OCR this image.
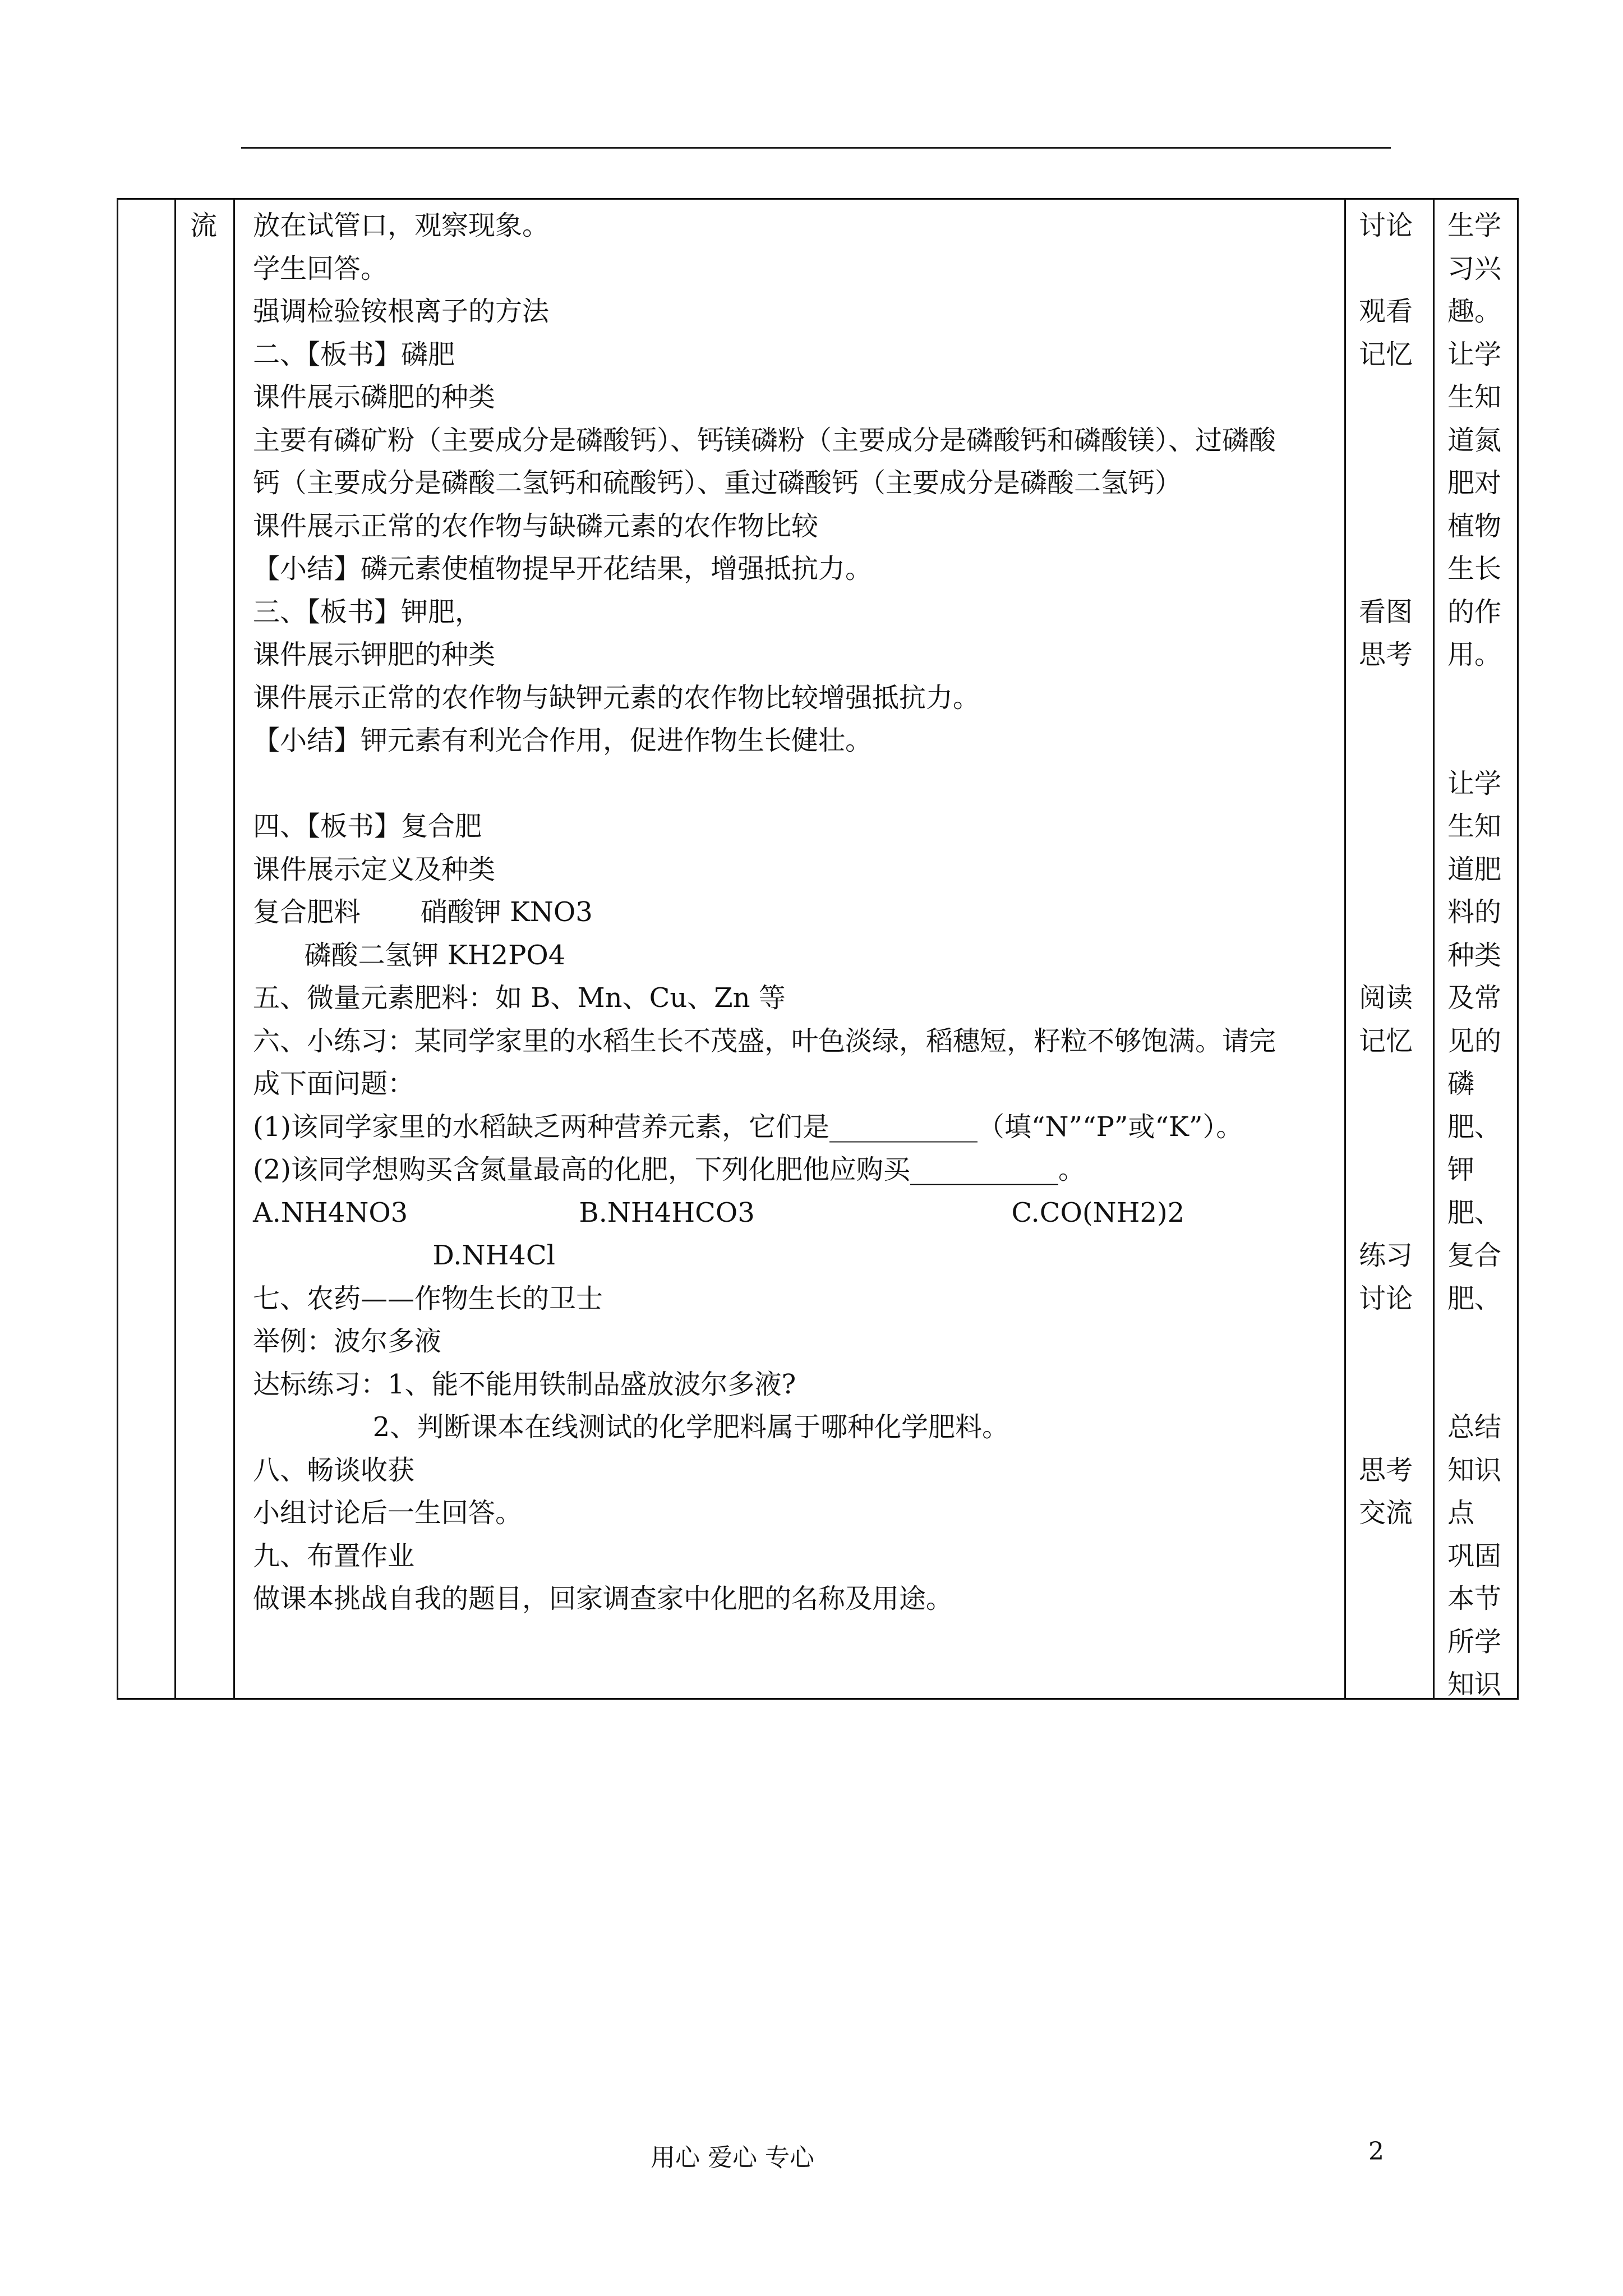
流 放在试管口，观察现象。
学生回答。
强调检验铵根离子的方法
二、【板书】磷肥
课件展示磷肥的种类
主要有磷矿粉（主要成分是磷酸钙）、钙镁磷粉（主要成分是磷酸钙和磷酸镁）、过磷酸
钙（主要成分是磷酸二氢钙和硫酸钙）、重过磷酸钙（主要成分是磷酸二氢钙）
课件展示正常的农作物与缺磷元素的农作物比较
【小结】磷元素使植物提早开花结果，增强抵抗力。
三、【板书】钾肥，
课件展示钾肥的种类
课件展示正常的农作物与缺钾元素的农作物比较增强抵抗力。
【小结】钾元素有利光合作用，促进作物生长健壮。
四、【板书】复合肥
课件展示定义及种类
复合肥料       硝酸钾 KNO3
磷酸二氢钾 KH2PO4
五、微量元素肥料：如 B、Mn、Cu、Zn 等
六、小练习：某同学家里的水稻生长不茂盛，叶色淡绿，稻穗短，籽粒不够饱满。请完
成下面问题：
(1)该同学家里的水稻缺乏两种营养元素，它们是___________（填“N”“P”或“K”）。
(2)该同学想购买含氮量最高的化肥，下列化肥他应购买___________。
A.NH4NO3                    B.NH4HCO3                              C.CO(NH2)2
D.NH4Cl
七、农药——作物生长的卫士
举例：波尔多液
达标练习：1、能不能用铁制品盛放波尔多液?
2、判断课本在线测试的化学肥料属于哪种化学肥料。
八、畅谈收获
小组讨论后一生回答。
九、布置作业
做课本挑战自我的题目，回家调查家中化肥的名称及用途。
讨论
观看
记忆
看图
思考
阅读
记忆
练习
讨论
思考
交流
生学
习兴
趣。
让学
生知
道氮
肥对
植物
生长
的作
用。
让学
生知
道肥
料的
种类
及常
见的
磷
肥、
钾
肥、
复合
肥、
总结
知识
点
巩固
本节
所学
知识
用心 爱心 专心	2
